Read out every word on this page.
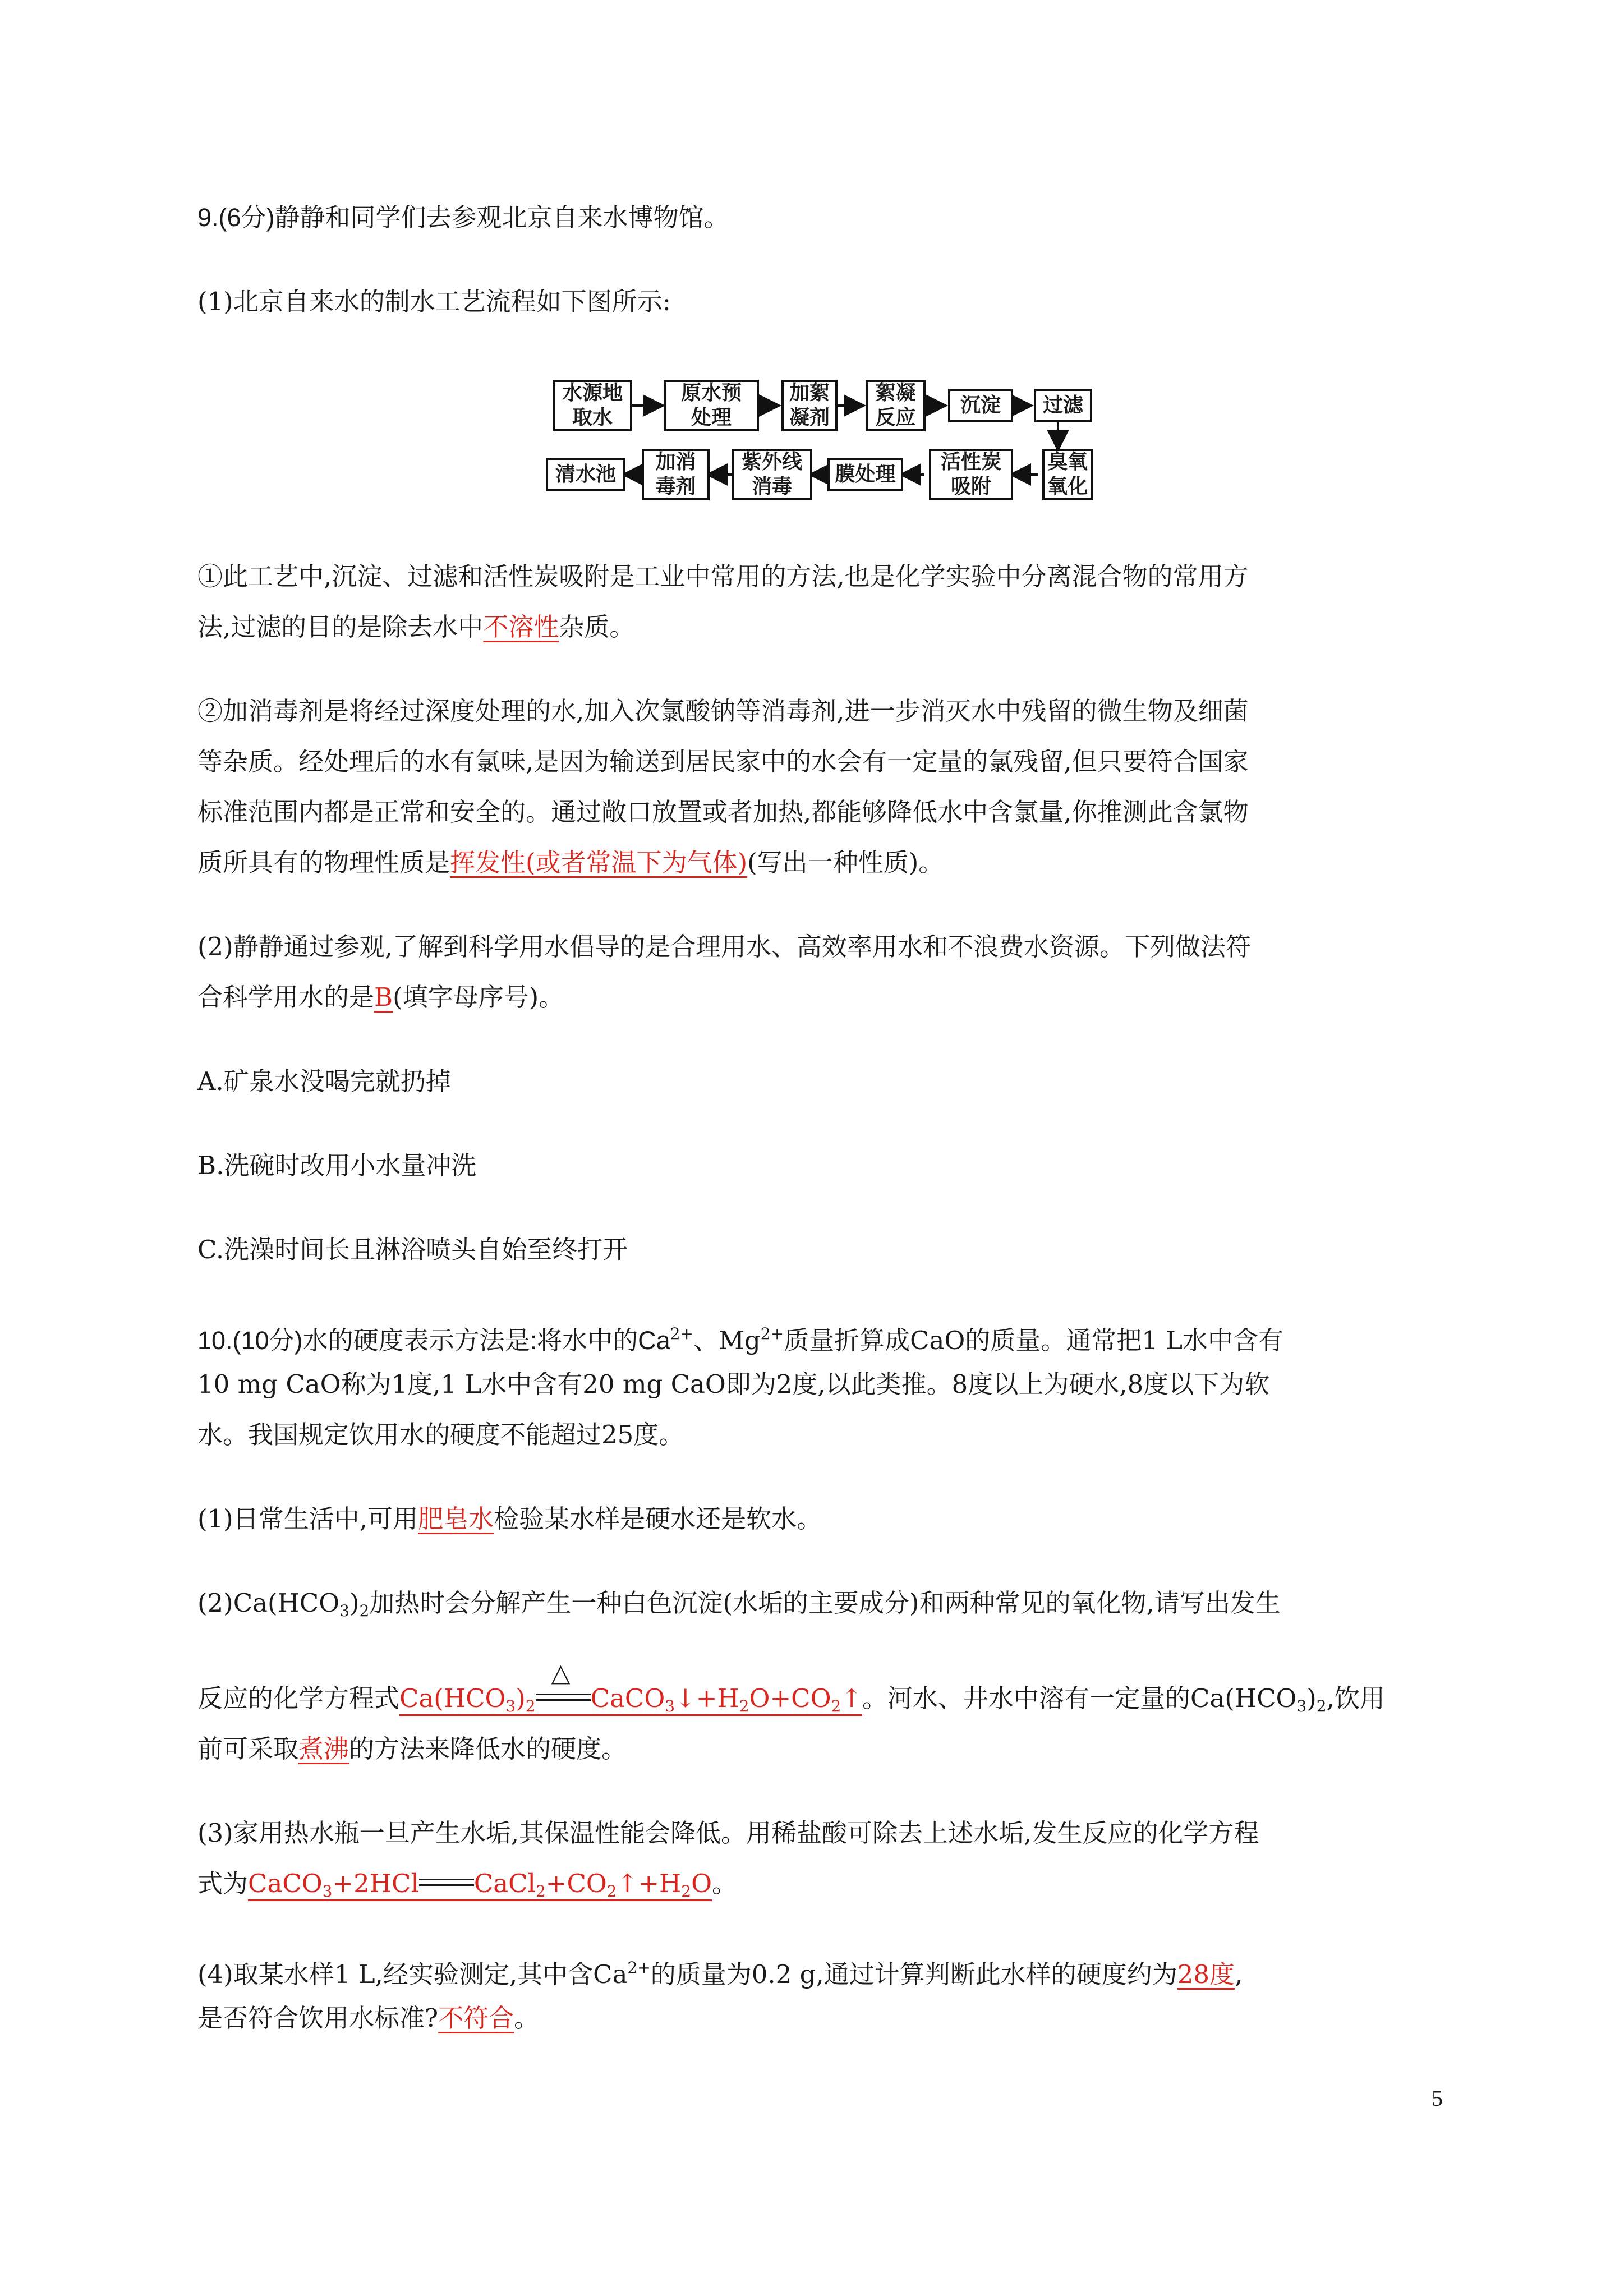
9.(6分)静静和同学们去参观北京自来水博物馆。
(1)北京自来水的制水工艺流程如下图所示:
水源地
取水
原水预
处理
加絮
凝剂
絮凝
反应
沉淀	过滤
臭氧
氧化
活性炭
吸附
膜处理
紫外线
消毒
加消
毒剂
清水池
①此工艺中,沉淀、过滤和活性炭吸附是工业中常用的方法,也是化学实验中分离混合物的常用方
法,过滤的目的是除去水中不溶性杂质。
②加消毒剂是将经过深度处理的水,加入次氯酸钠等消毒剂,进一步消灭水中残留的微生物及细菌
等杂质。经处理后的水有氯味,是因为输送到居民家中的水会有一定量的氯残留,但只要符合国家
标准范围内都是正常和安全的。通过敞口放置或者加热,都能够降低水中含氯量,你推测此含氯物
质所具有的物理性质是挥发性(或者常温下为气体)(写出一种性质)。
(2)静静通过参观,了解到科学用水倡导的是合理用水、高效率用水和不浪费水资源。下列做法符
合科学用水的是B(填字母序号)。
A.矿泉水没喝完就扔掉
B.洗碗时改用小水量冲洗
C.洗澡时间长且淋浴喷头自始至终打开
10.(10分)水的硬度表示方法是:将水中的$Ca^{2+}$、$Mg^{2+}$质量折算成CaO的质量。通常把1 L水中含有
10 mg CaO称为1度,1 L水中含有20 mg CaO即为2度,以此类推。8度以上为硬水,8度以下为软
水。我国规定饮用水的硬度不能超过25度。
(1)日常生活中,可用肥皂水检验某水样是硬水还是软水。
$(2)Ca(HCO_3)_2$加热时会分解产生一种白色沉淀(水垢的主要成分)和两种常见的氧化物,请写出发生
反应的化学方程式$Ca(HCO_3)_2$
△
$CaCO_3↓+H_2O+CO_2↑$。河水、井水中溶有一定量的$Ca(HCO_3)_2$,饮用
前可采取煮沸的方法来降低水的硬度。
(3)家用热水瓶一旦产生水垢,其保温性能会降低。用稀盐酸可除去上述水垢,发生反应的化学方程
式为CaCO$_3$+2HCl $CaCl_2+CO_2↑+H_2O$。
(4)取某水样1 L,经实验测定,其中含$Ca^{2+}$的质量为0.2 g,通过计算判断此水样的硬度约为28度,
是否符合饮用水标准?不符合。
5
